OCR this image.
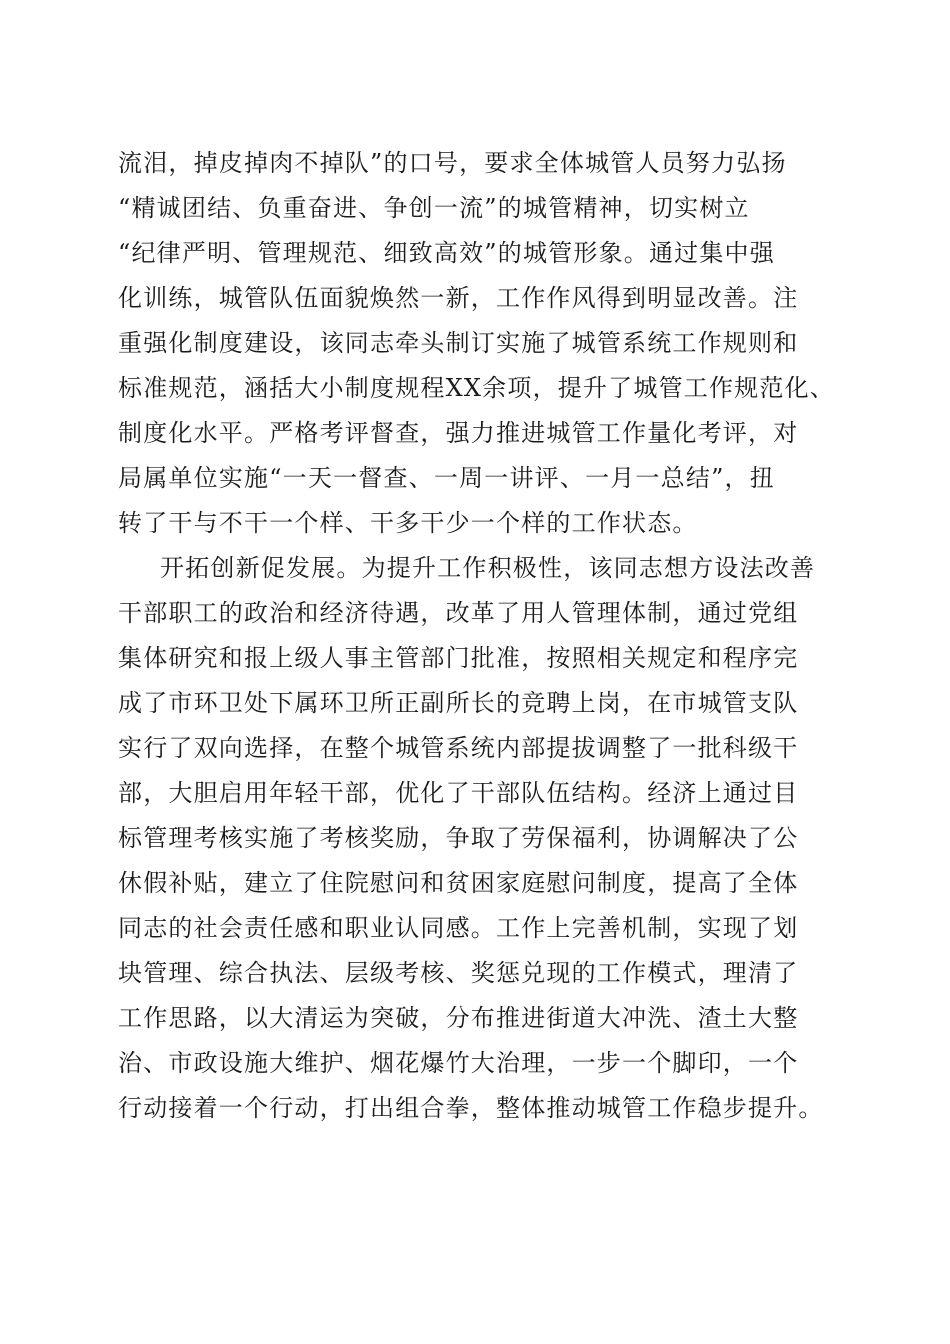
流泪，掉皮掉肉不掉队”的口号，要求全体城管人员努力弘扬
“精诚团结、负重奋进、争创一流”的城管精神，切实树立
“纪律严明、管理规范、细致高效”的城管形象。通过集中强
化训练，城管队伍面貌焕然一新，工作作风得到明显改善。注
重强化制度建设，该同志牵头制订实施了城管系统工作规则和
标准规范，涵括大小制度规程XX余项，提升了城管工作规范化、
制度化水平。严格考评督查，强力推进城管工作量化考评，对
局属单位实施“一天一督查、一周一讲评、一月一总结”，扭
转了干与不干一个样、干多干少一个样的工作状态。
开拓创新促发展。为提升工作积极性，该同志想方设法改善
干部职工的政治和经济待遇，改革了用人管理体制，通过党组
集体研究和报上级人事主管部门批准，按照相关规定和程序完
成了市环卫处下属环卫所正副所长的竞聘上岗，在市城管支队
实行了双向选择，在整个城管系统内部提拔调整了一批科级干
部，大胆启用年轻干部，优化了干部队伍结构。经济上通过目
标管理考核实施了考核奖励，争取了劳保福利，协调解决了公
休假补贴，建立了住院慰问和贫困家庭慰问制度，提高了全体
同志的社会责任感和职业认同感。工作上完善机制，实现了划
块管理、综合执法、层级考核、奖惩兑现的工作模式，理清了
工作思路，以大清运为突破，分布推进街道大冲洗、渣土大整
治、市政设施大维护、烟花爆竹大治理，一步一个脚印，一个
行动接着一个行动，打出组合拳，整体推动城管工作稳步提升。
